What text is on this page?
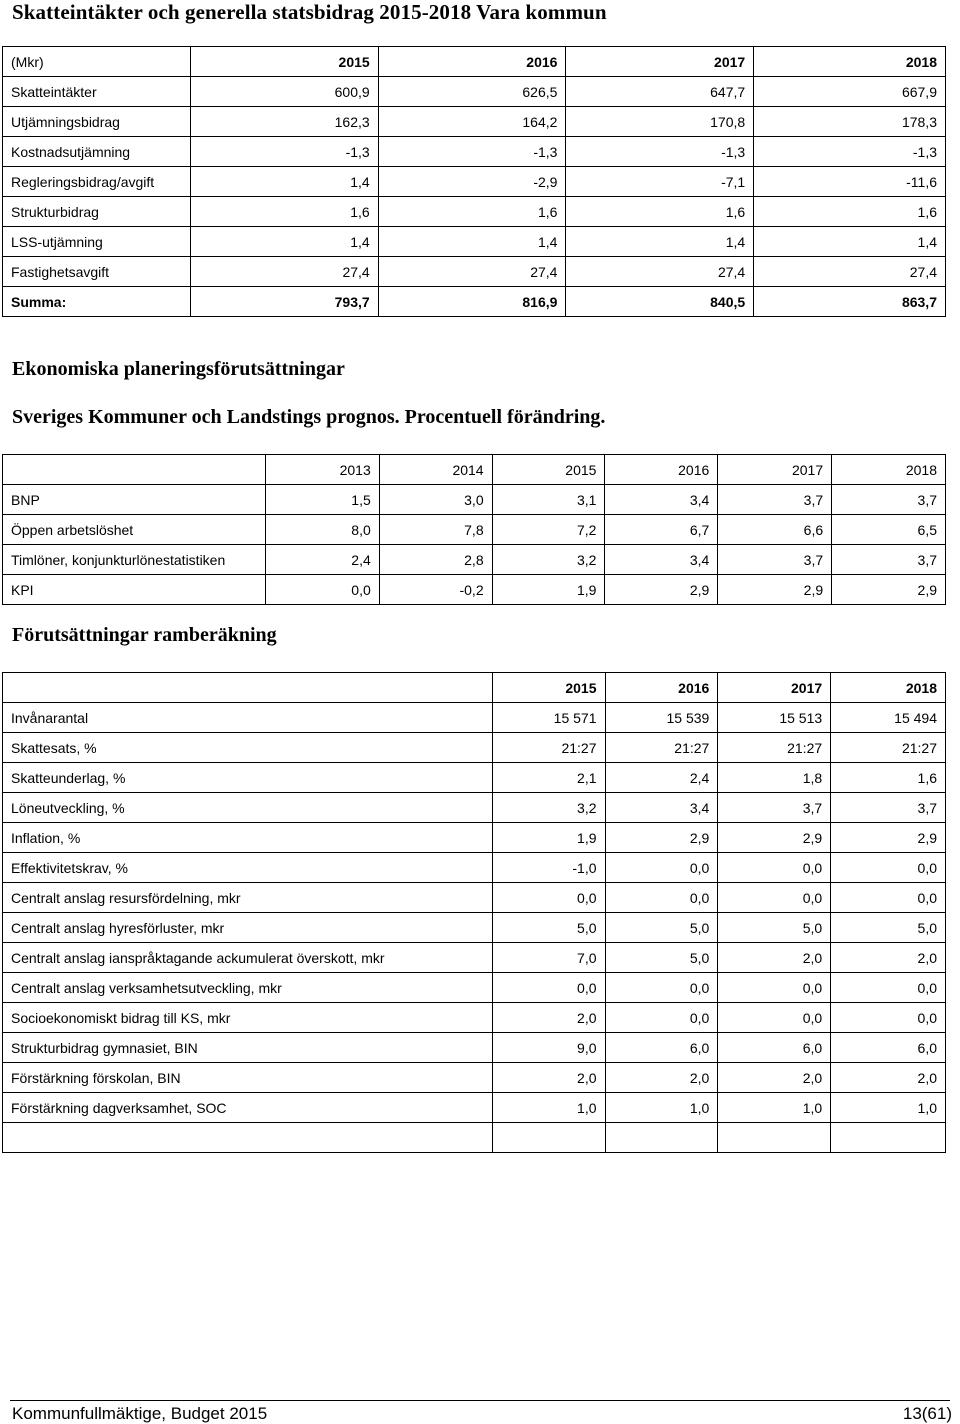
Skatteintäkter och generella statsbidrag 2015-2018 Vara kommun
(Mkr)	2015	2016	2017	2018
Skatteintäkter	600,9	626,5	647,7	667,9
Utjämningsbidrag	162,3	164,2	170,8	178,3
Kostnadsutjämning	-1,3	-1,3	-1,3	-1,3
Regleringsbidrag/avgift	1,4	-2,9	-7,1	-11,6
Strukturbidrag	1,6	1,6	1,6	1,6
LSS-utjämning	1,4	1,4	1,4	1,4
Fastighetsavgift	27,4	27,4	27,4	27,4
Summa:	793,7	816,9	840,5	863,7
Ekonomiska planeringsförutsättningar
Sveriges Kommuner och Landstings prognos. Procentuell förändring.
	2013	2014	2015	2016	2017	2018
BNP	1,5	3,0	3,1	3,4	3,7	3,7
Öppen arbetslöshet	8,0	7,8	7,2	6,7	6,6	6,5
Timlöner, konjunkturlönestatistiken	2,4	2,8	3,2	3,4	3,7	3,7
KPI	0,0	-0,2	1,9	2,9	2,9	2,9
Förutsättningar ramberäkning
	2015	2016	2017	2018
Invånarantal	15 571	15 539	15 513	15 494
Skattesats, %	21:27	21:27	21:27	21:27
Skatteunderlag, %	2,1	2,4	1,8	1,6
Löneutveckling, %	3,2	3,4	3,7	3,7
Inflation, %	1,9	2,9	2,9	2,9
Effektivitetskrav, %	-1,0	0,0	0,0	0,0
Centralt anslag resursfördelning, mkr	0,0	0,0	0,0	0,0
Centralt anslag hyresförluster, mkr	5,0	5,0	5,0	5,0
Centralt anslag ianspråktagande ackumulerat överskott, mkr	7,0	5,0	2,0	2,0
Centralt anslag verksamhetsutveckling, mkr	0,0	0,0	0,0	0,0
Socioekonomiskt bidrag till KS, mkr	2,0	0,0	0,0	0,0
Strukturbidrag gymnasiet, BIN	9,0	6,0	6,0	6,0
Förstärkning förskolan, BIN	2,0	2,0	2,0	2,0
Förstärkning dagverksamhet, SOC	1,0	1,0	1,0	1,0

Kommunfullmäktige, Budget 2015	13(61)
